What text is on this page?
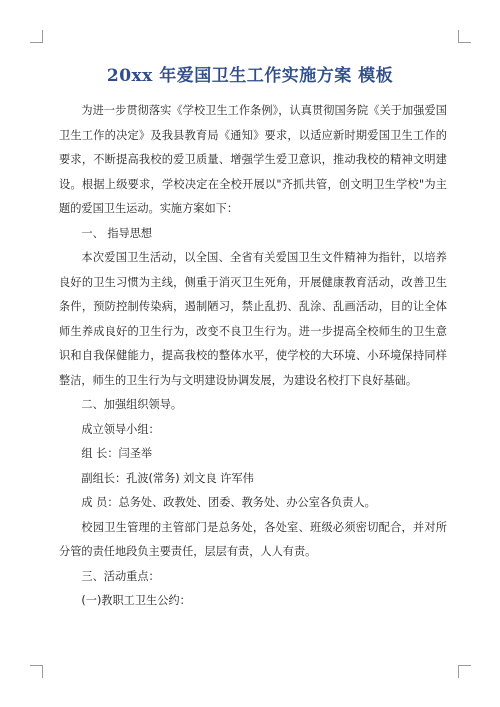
20xx 年爱国卫生工作实施方案 模板

为进一步贯彻落实《学校卫生工作条例》，认真贯彻国务院《关于加强爱国卫生工作的决定》及我县教育局《通知》要求，以适应新时期爱国卫生工作的要求，不断提高我校的爱卫质量、增强学生爱卫意识，推动我校的精神文明建设。根据上级要求，学校决定在全校开展以"齐抓共管，创文明卫生学校"为主题的爱国卫生运动。实施方案如下：

一、 指导思想

本次爱国卫生活动，以全国、全省有关爱国卫生文件精神为指针，以培养良好的卫生习惯为主线，侧重于消灭卫生死角，开展健康教育活动，改善卫生条件，预防控制传染病，遏制陋习，禁止乱扔、乱涂、乱画活动，目的让全体师生养成良好的卫生行为，改变不良卫生行为。进一步提高全校师生的卫生意识和自我保健能力，提高我校的整体水平，使学校的大环境、小环境保持同样整洁，师生的卫生行为与文明建设协调发展，为建设名校打下良好基础。

二、加强组织领导。

成立领导小组：

组 长：闫圣举

副组长：孔波(常务) 刘文良 许军伟

成 员：总务处、政教处、团委、教务处、办公室各负责人。

校园卫生管理的主管部门是总务处，各处室、班级必须密切配合，并对所分管的责任地段负主要责任，层层有责，人人有责。

三、活动重点：

(一)教职工卫生公约：
